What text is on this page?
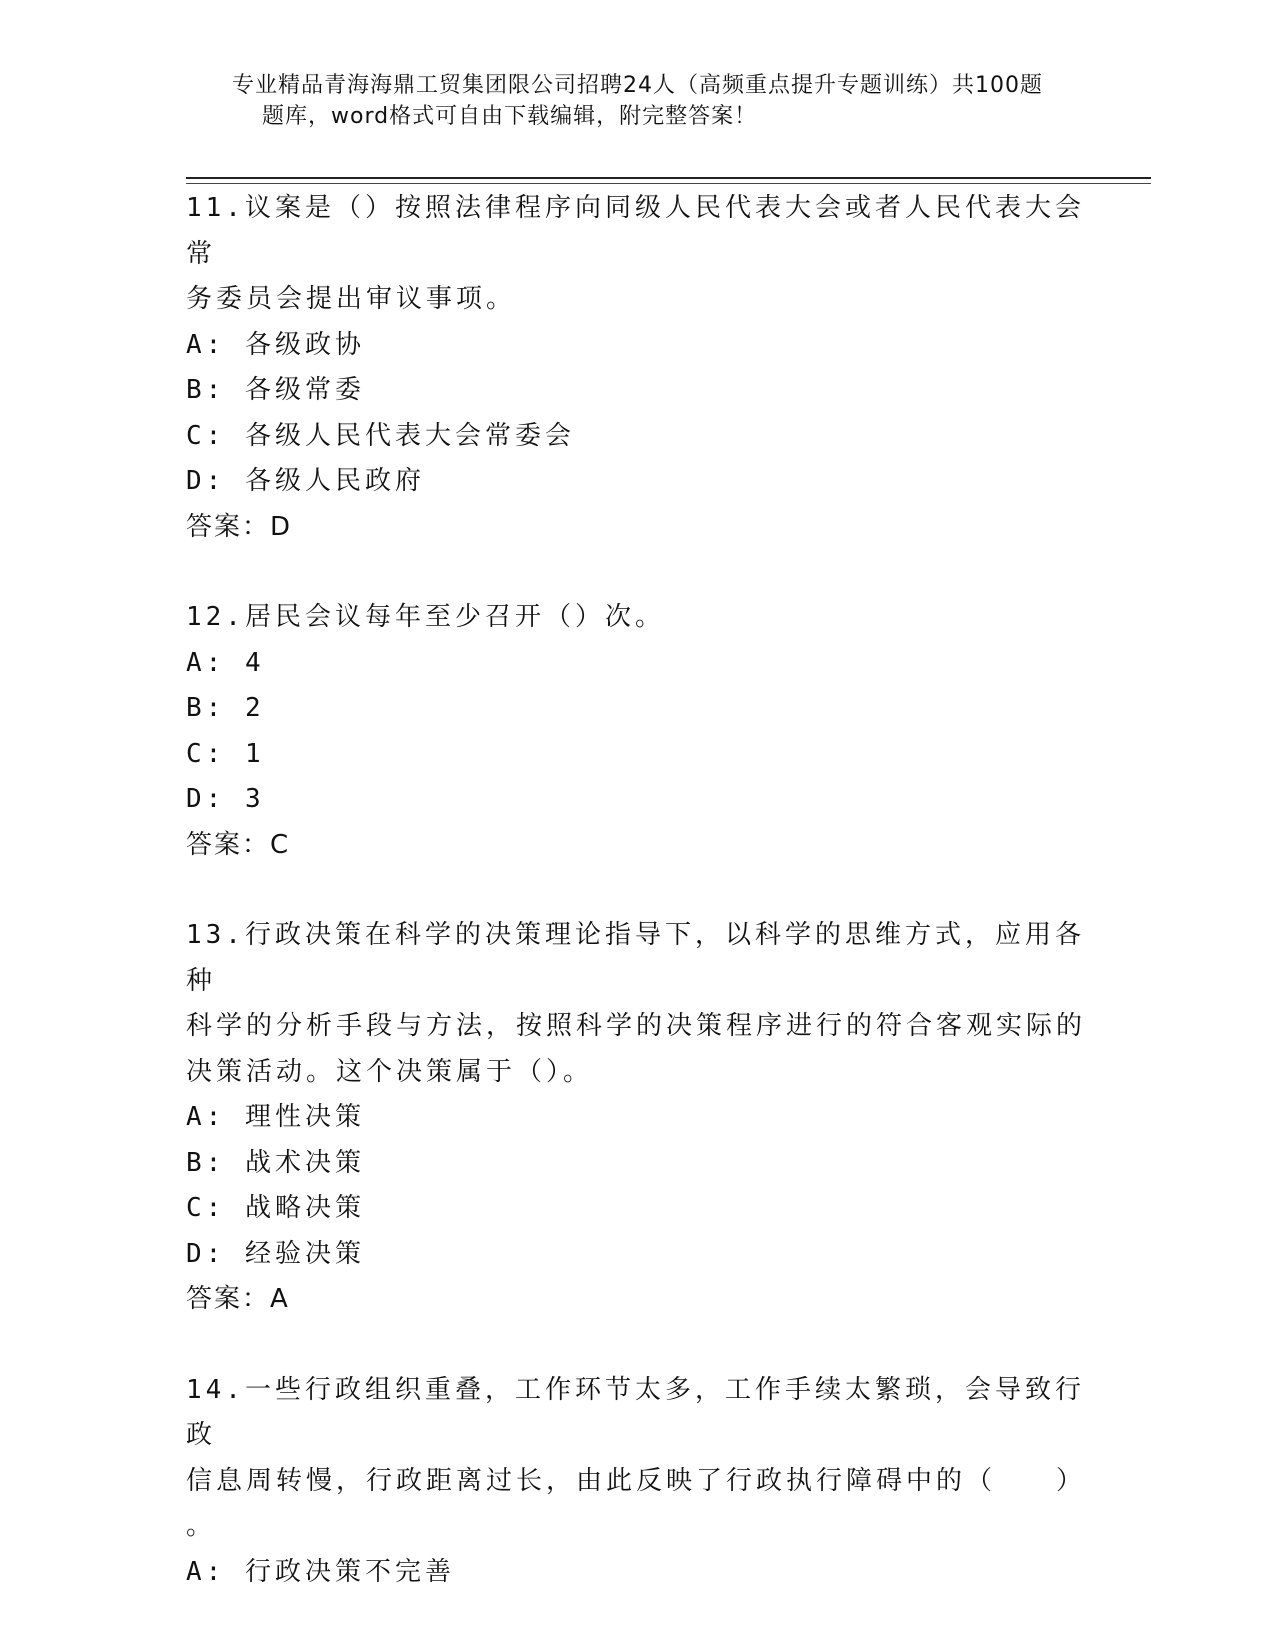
专业精品青海海鼎工贸集团限公司招聘24人（高频重点提升专题训练）共100题

题库，word格式可自由下载编辑，附完整答案！
11.议案是（）按照法律程序向同级人民代表大会或者人民代表大会常
务委员会提出审议事项。
A: 各级政协
B: 各级常委
C: 各级人民代表大会常委会
D: 各级人民政府
答案：D
12.居民会议每年至少召开（）次。
A: 4
B: 2
C: 1
D: 3
答案：C
13.行政决策在科学的决策理论指导下，以科学的思维方式，应用各种
科学的分析手段与方法，按照科学的决策程序进行的符合客观实际的
决策活动。这个决策属于（）。
A: 理性决策
B: 战术决策
C: 战略决策
D: 经验决策
答案：A
14.一些行政组织重叠，工作环节太多，工作手续太繁琐，会导致行政
信息周转慢，行政距离过长，由此反映了行政执行障碍中的（　　）
。
A: 行政决策不完善
